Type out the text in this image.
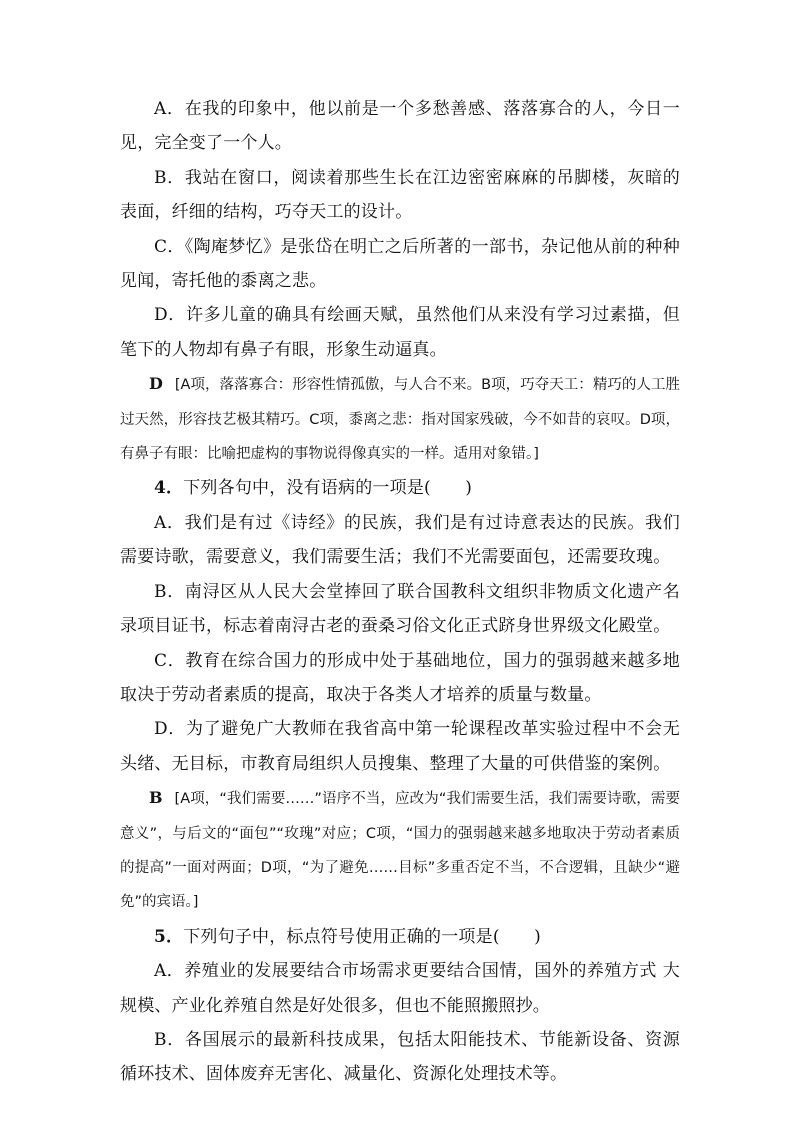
A．在我的印象中，他以前是一个多愁善感、落落寡合的人，今日一见，完全变了一个人。

B．我站在窗口，阅读着那些生长在江边密密麻麻的吊脚楼，灰暗的表面，纤细的结构，巧夺天工的设计。

C．《陶庵梦忆》是张岱在明亡之后所著的一部书，杂记他从前的种种见闻，寄托他的黍离之悲。

D．许多儿童的确具有绘画天赋，虽然他们从来没有学习过素描，但笔下的人物却有鼻子有眼，形象生动逼真。

D [A项，落落寡合：形容性情孤傲，与人合不来。B项，巧夺天工：精巧的人工胜过天然，形容技艺极其精巧。C项，黍离之悲：指对国家残破，今不如昔的哀叹。D项，有鼻子有眼：比喻把虚构的事物说得像真实的一样。适用对象错。]

4．下列各句中，没有语病的一项是(　　)

A．我们是有过《诗经》的民族，我们是有过诗意表达的民族。我们需要诗歌，需要意义，我们需要生活；我们不光需要面包，还需要玫瑰。

B．南浔区从人民大会堂捧回了联合国教科文组织非物质文化遗产名录项目证书，标志着南浔古老的蚕桑习俗文化正式跻身世界级文化殿堂。

C．教育在综合国力的形成中处于基础地位，国力的强弱越来越多地取决于劳动者素质的提高，取决于各类人才培养的质量与数量。

D．为了避免广大教师在我省高中第一轮课程改革实验过程中不会无头绪、无目标，市教育局组织人员搜集、整理了大量的可供借鉴的案例。

B [A项，“我们需要……”语序不当，应改为“我们需要生活，我们需要诗歌，需要意义”，与后文的“面包”“玫瑰”对应；C项，“国力的强弱越来越多地取决于劳动者素质的提高”一面对两面；D项，“为了避免……目标”多重否定不当，不合逻辑，且缺少“避免”的宾语。]

5．下列句子中，标点符号使用正确的一项是(　　)

A．养殖业的发展要结合市场需求更要结合国情，国外的养殖方式 大规模、产业化养殖自然是好处很多，但也不能照搬照抄。

B．各国展示的最新科技成果，包括太阳能技术、节能新设备、资源循环技术、固体废弃无害化、减量化、资源化处理技术等。
